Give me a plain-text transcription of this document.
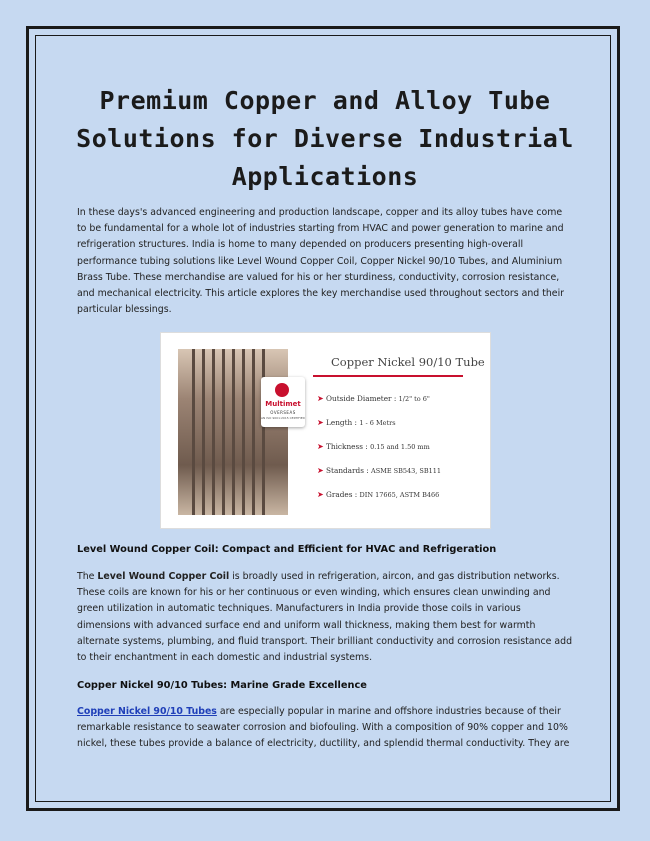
Premium Copper and Alloy Tube Solutions for Diverse Industrial Applications

In these days's advanced engineering and production landscape, copper and its alloy tubes have come to be fundamental for a whole lot of industries starting from HVAC and power generation to marine and refrigeration structures. India is home to many depended on producers presenting high-overall performance tubing solutions like Level Wound Copper Coil, Copper Nickel 90/10 Tubes, and Aluminium Brass Tube. These merchandise are valued for his or her sturdiness, conductivity, corrosion resistance, and mechanical electricity. This article explores the key merchandise used throughout sectors and their particular blessings.

Multimet
OVERSEAS
AN ISO 9001:2015 CERTIFIED
Copper Nickel 90/10 Tube
➤ Outside Diameter : 1/2" to 6"
➤ Length : 1 - 6 Metrs
➤ Thickness : 0.15 and 1.50 mm
➤ Standards : ASME SB543, SB111
➤ Grades : DIN 17665, ASTM B466

Level Wound Copper Coil: Compact and Efficient for HVAC and Refrigeration

The Level Wound Copper Coil is broadly used in refrigeration, aircon, and gas distribution networks. These coils are known for his or her continuous or even winding, which ensures clean unwinding and green utilization in automatic techniques. Manufacturers in India provide those coils in various dimensions with advanced surface end and uniform wall thickness, making them best for warmth alternate systems, plumbing, and fluid transport. Their brilliant conductivity and corrosion resistance add to their enchantment in each domestic and industrial systems.

Copper Nickel 90/10 Tubes: Marine Grade Excellence

Copper Nickel 90/10 Tubes are especially popular in marine and offshore industries because of their remarkable resistance to seawater corrosion and biofouling. With a composition of 90% copper and 10% nickel, these tubes provide a balance of electricity, ductility, and splendid thermal conductivity. They are
